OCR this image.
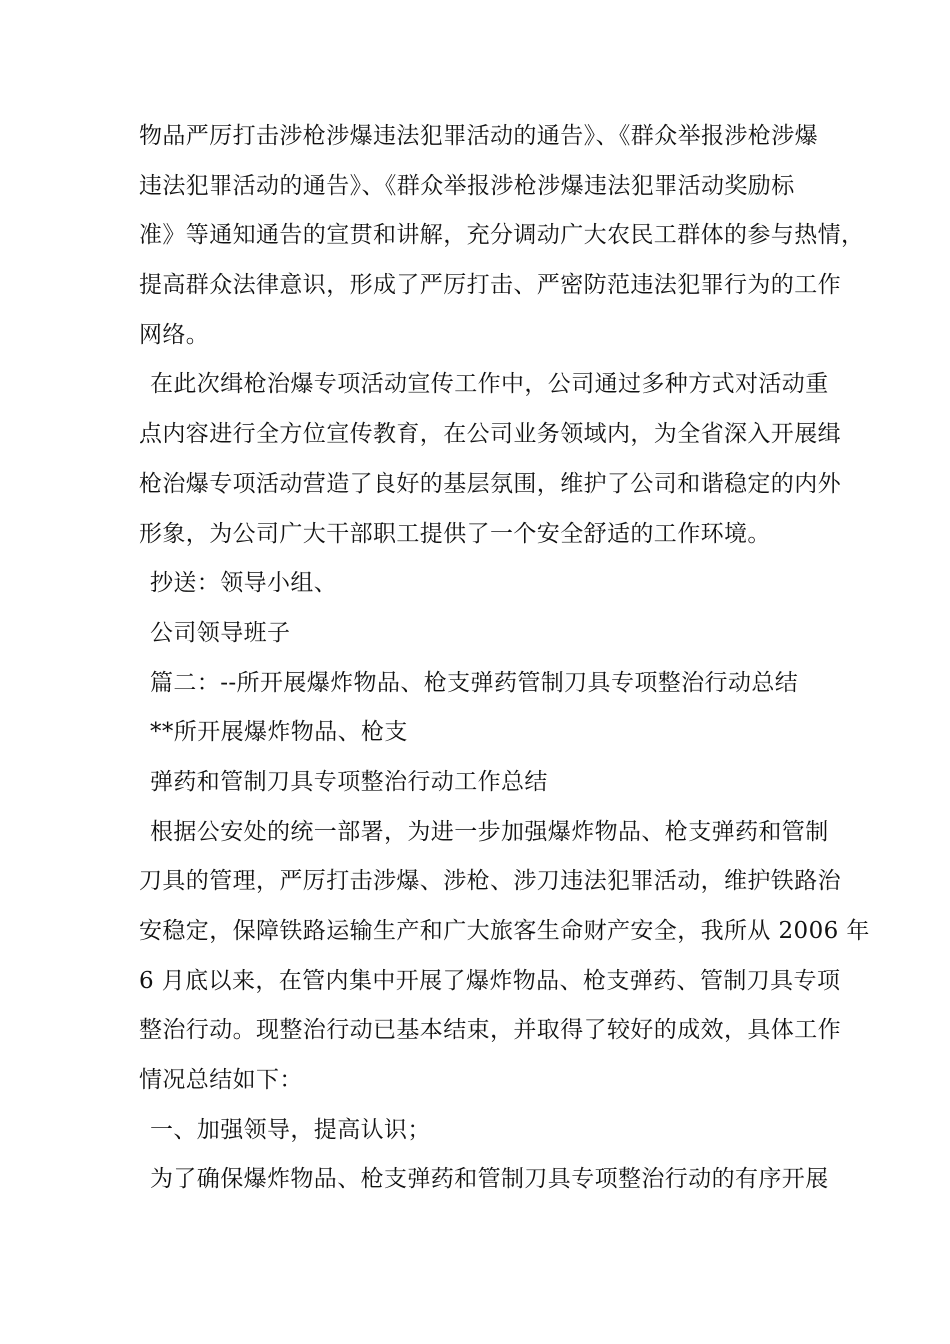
物品严厉打击涉枪涉爆违法犯罪活动的通告》、《群众举报涉枪涉爆
违法犯罪活动的通告》、《群众举报涉枪涉爆违法犯罪活动奖励标
准》等通知通告的宣贯和讲解，充分调动广大农民工群体的参与热情，
提高群众法律意识，形成了严厉打击、严密防范违法犯罪行为的工作
网络。
在此次缉枪治爆专项活动宣传工作中，公司通过多种方式对活动重
点内容进行全方位宣传教育，在公司业务领域内，为全省深入开展缉
枪治爆专项活动营造了良好的基层氛围，维护了公司和谐稳定的内外
形象，为公司广大干部职工提供了一个安全舒适的工作环境。
抄送：领导小组、
公司领导班子
篇二：--所开展爆炸物品、枪支弹药管制刀具专项整治行动总结
**所开展爆炸物品、枪支
弹药和管制刀具专项整治行动工作总结
根据公安处的统一部署，为进一步加强爆炸物品、枪支弹药和管制
刀具的管理，严厉打击涉爆、涉枪、涉刀违法犯罪活动，维护铁路治
安稳定，保障铁路运输生产和广大旅客生命财产安全，我所从 2006 年
6 月底以来，在管内集中开展了爆炸物品、枪支弹药、管制刀具专项
整治行动。现整治行动已基本结束，并取得了较好的成效，具体工作
情况总结如下：
一、加强领导，提高认识；
为了确保爆炸物品、枪支弹药和管制刀具专项整治行动的有序开展
